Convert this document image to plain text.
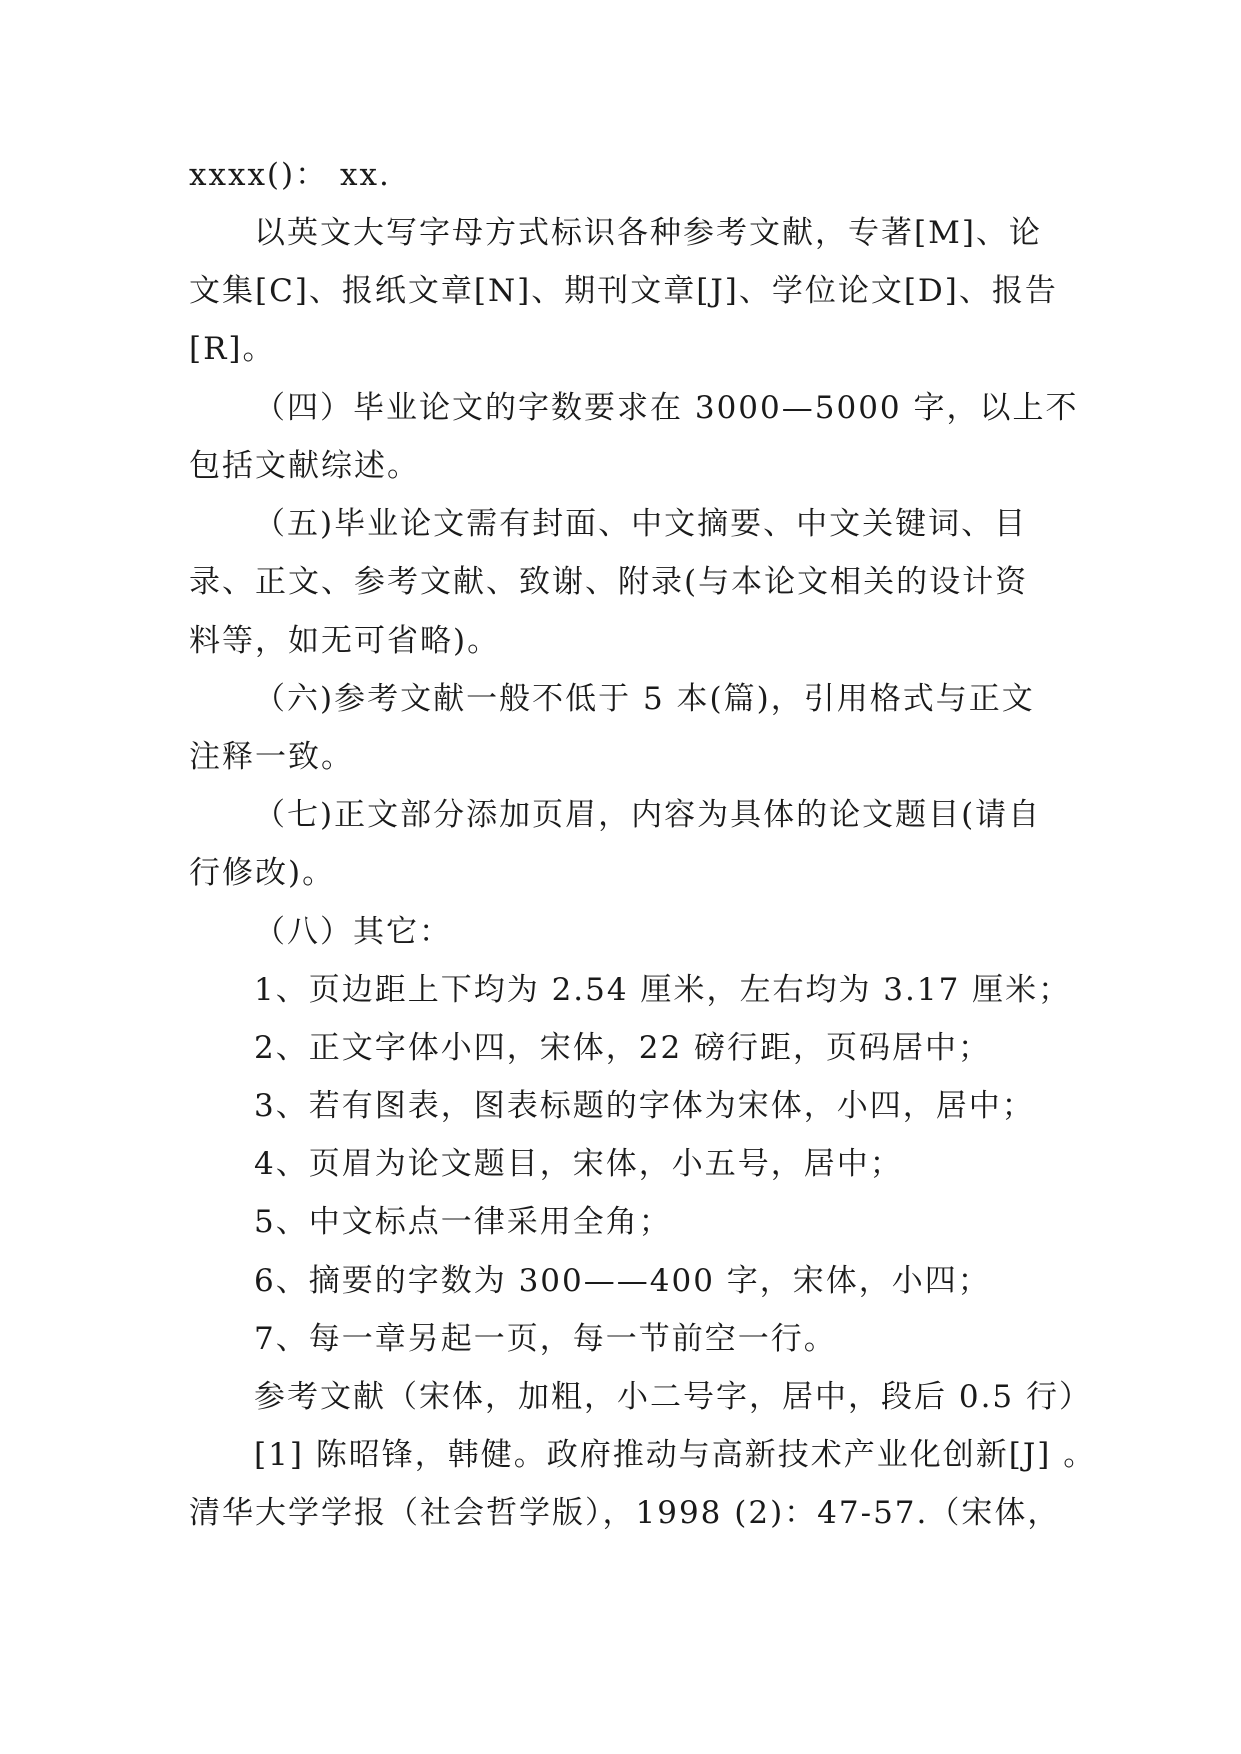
xxxx()： xx.
以英文大写字母方式标识各种参考文献，专著[M]、论
文集[C]、报纸文章[N]、期刊文章[J]、学位论文[D]、报告
[R]。
（四）毕业论文的字数要求在 3000—5000 字，以上不
包括文献综述。
（五)毕业论文需有封面、中文摘要、中文关键词、目
录、正文、参考文献、致谢、附录(与本论文相关的设计资
料等，如无可省略)。
（六)参考文献一般不低于 5 本(篇)，引用格式与正文
注释一致。
（七)正文部分添加页眉，内容为具体的论文题目(请自
行修改)。
（八）其它：
1、页边距上下均为 2.54 厘米，左右均为 3.17 厘米；
2、正文字体小四，宋体，22 磅行距，页码居中；
3、若有图表，图表标题的字体为宋体，小四，居中；
4、页眉为论文题目，宋体，小五号，居中；
5、中文标点一律采用全角；
6、摘要的字数为 300——400 字，宋体，小四；
7、每一章另起一页，每一节前空一行。
参考文献（宋体，加粗，小二号字，居中，段后 0.5 行）
[1] 陈昭锋，韩健。政府推动与高新技术产业化创新[J] 。
清华大学学报（社会哲学版），1998 (2)：47-57.（宋体，
